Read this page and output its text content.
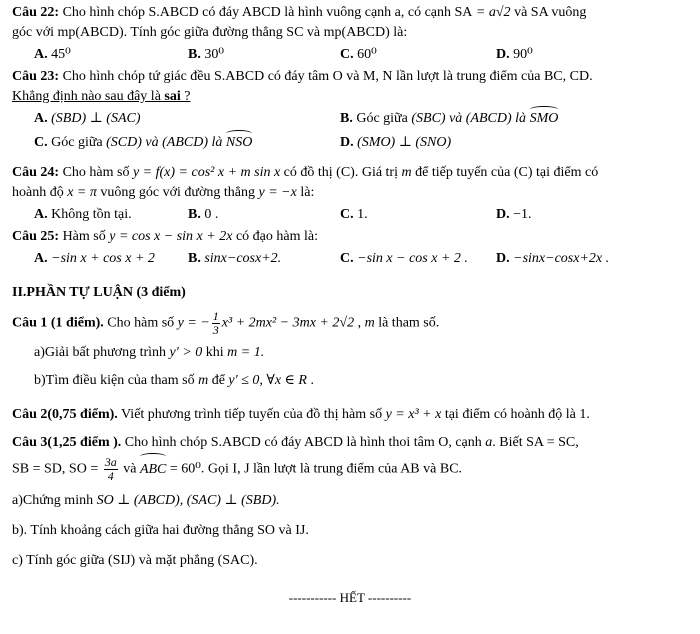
Câu 22: Cho hình chóp S.ABCD có đáy ABCD là hình vuông cạnh a, có cạnh SA = a√2 và SA vuông
góc với mp(ABCD). Tính góc giữa đường thẳng SC và mp(ABCD) là:
A. 45⁰	B. 30⁰	C. 60⁰	D. 90⁰
Câu 23: Cho hình chóp tứ giác đều S.ABCD có đáy tâm O và M, N lần lượt là trung điểm của BC, CD.
Khẳng định nào sau đây là sai ?
A. (SBD) ⊥ (SAC)	B. Góc giữa (SBC) và (ABCD) là SMO
C. Góc giữa (SCD) và (ABCD) là NSO	D. (SMO) ⊥ (SNO)
Câu 24: Cho hàm số y = f(x) = cos² x + m sin x có đồ thị (C). Giá trị m để tiếp tuyến của (C) tại điểm có
hoành độ x = π vuông góc với đường thẳng y = −x là:
A. Không tồn tại.	B. 0 .	C. 1.	D. −1.
Câu 25: Hàm số y = cos x − sin x + 2x có đạo hàm là:
A. −sin x + cos x + 2 B. sinx−cosx+2.	C. −sin x − cos x + 2 . D. −sinx−cosx+2x .
II.PHẦN TỰ LUẬN (3 điểm)
Câu 1 (1 điểm). Cho hàm số y = − $\frac{1}{3} x^3 + 2mx^2 - 3mx + 2√2$ , m là tham số.
a)Giải bất phương trình y′ > 0 khi m = 1.
b)Tìm điều kiện của tham số m để y′ ≤ 0, ∀x ∈ R .
Câu 2(0,75 điểm). Viết phương trình tiếp tuyến của đồ thị hàm số y = x³ + x tại điểm có hoành độ là 1.
Câu 3(1,25 điểm ). Cho hình chóp S.ABCD có đáy ABCD là hình thoi tâm O, cạnh a. Biết SA = SC,
SB = SD, SO = $\frac{3a}{4}$ và ABC = 60⁰. Gọi I, J lần lượt là trung điểm của AB và BC.
a)Chứng minh SO ⊥ (ABCD), (SAC) ⊥ (SBD).
b). Tính khoảng cách giữa hai đường thẳng SO và IJ.
c) Tính góc giữa (SIJ) và mặt phẳng (SAC).
----------- HẾT ----------
